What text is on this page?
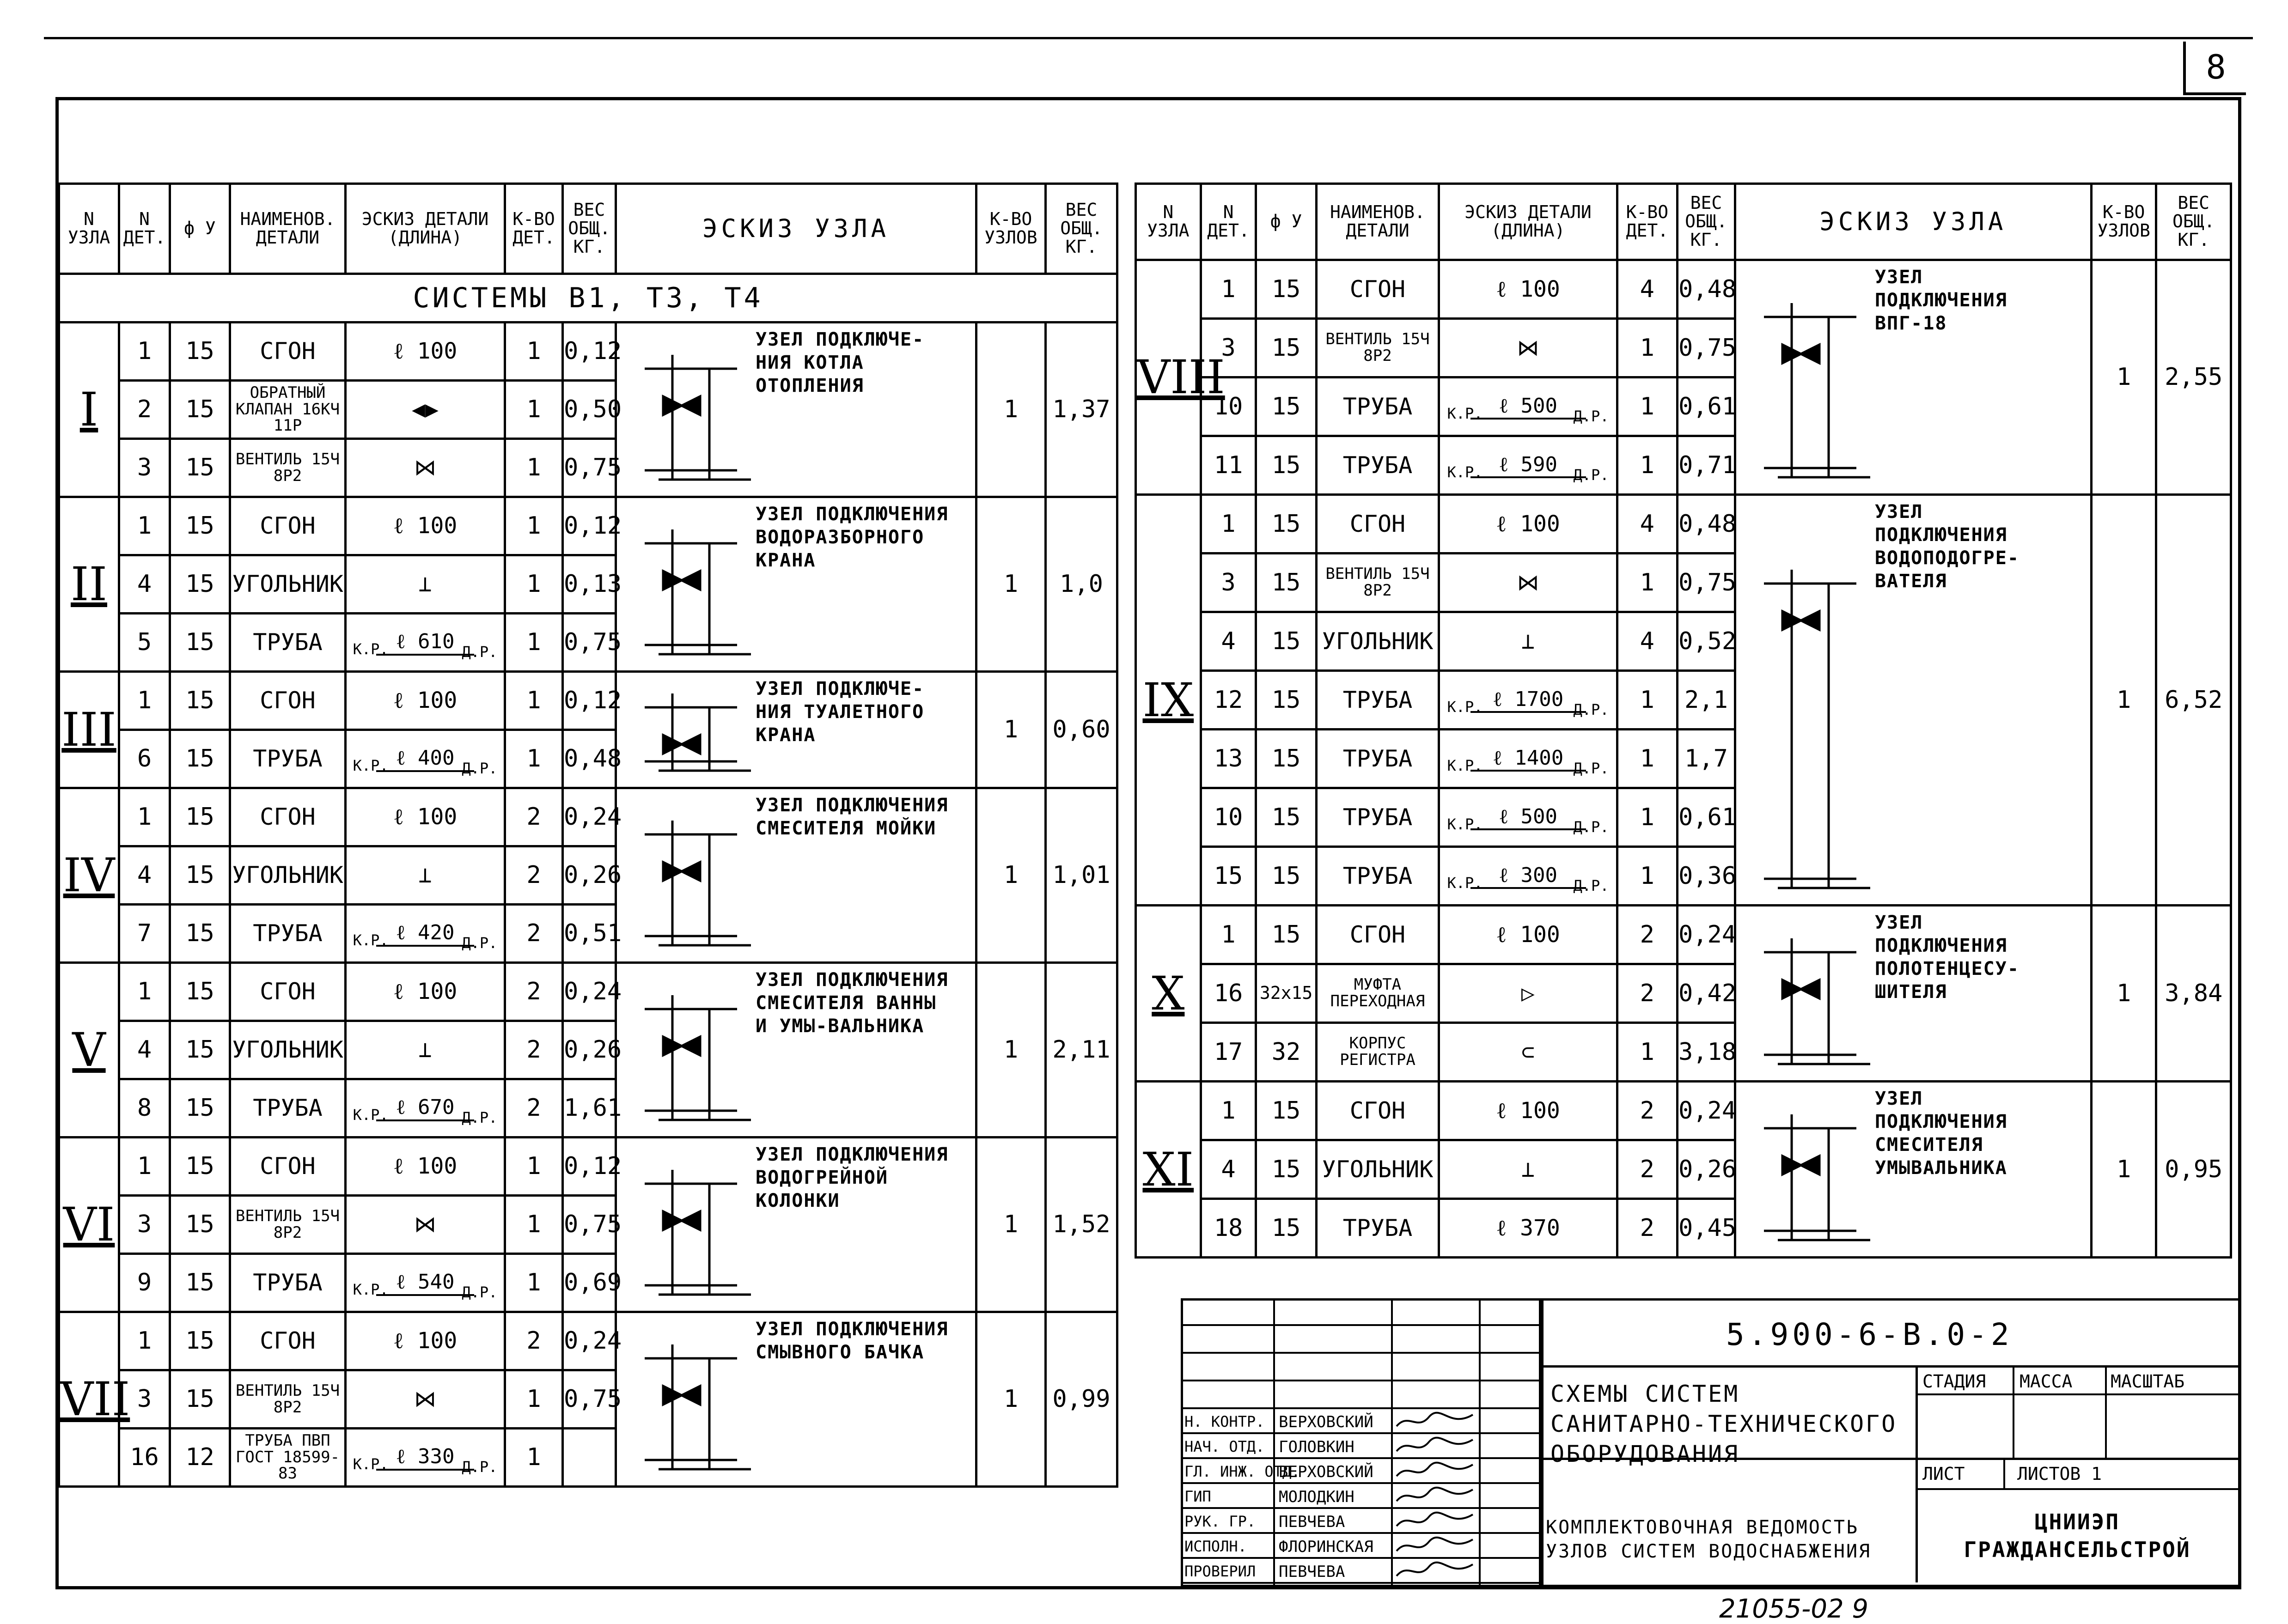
8
N УЗЛА	N ДЕТ.	ф У	НАИМЕНОВ. ДЕТАЛИ	ЭСКИЗ ДЕТАЛИ (ДЛИНА)	К-ВО ДЕТ.	ВЕС ОБЩ. КГ.	ЭСКИЗ УЗЛА	К-ВО УЗЛОВ	ВЕС ОБЩ. КГ.
СИСТЕМЫ В1, Т3, Т4									
I	1	15	СГОН	ℓ 100	1	0,12	УЗЕЛ ПОДКЛЮЧЕ-НИЯ КОТЛА ОТОПЛЕНИЯ	1	1,37
	2	15	ОБРАТНЫЙ КЛАПАН 16КЧ 11Р	◀▶	1	0,50			
	3	15	ВЕНТИЛЬ 15Ч 8Р2	⋈	1	0,75			
II	1	15	СГОН	ℓ 100	1	0,12	УЗЕЛ ПОДКЛЮЧЕНИЯ ВОДОРАЗБОРНОГО КРАНА	1	1,0
	4	15	УГОЛЬНИК	⊥	1	0,13			
	5	15	ТРУБА	К.Р. ℓ 610 Д.Р.	1	0,75			
III	1	15	СГОН	ℓ 100	1	0,12	УЗЕЛ ПОДКЛЮЧЕ-НИЯ ТУАЛЕТНОГО КРАНА	1	0,60
	6	15	ТРУБА	К.Р. ℓ 400 Д.Р.	1	0,48			
IV	1	15	СГОН	ℓ 100	2	0,24	УЗЕЛ ПОДКЛЮЧЕНИЯ СМЕСИТЕЛЯ МОЙКИ	1	1,01
	4	15	УГОЛЬНИК	⊥	2	0,26			
	7	15	ТРУБА	К.Р. ℓ 420 Д.Р.	2	0,51			
V	1	15	СГОН	ℓ 100	2	0,24	УЗЕЛ ПОДКЛЮЧЕНИЯ СМЕСИТЕЛЯ ВАННЫ И УМЫ-ВАЛЬНИКА	1	2,11
	4	15	УГОЛЬНИК	⊥	2	0,26			
	8	15	ТРУБА	К.Р. ℓ 670 Д.Р.	2	1,61			
VI	1	15	СГОН	ℓ 100	1	0,12	УЗЕЛ ПОДКЛЮЧЕНИЯ ВОДОГРЕЙНОЙ КОЛОНКИ	1	1,52
	3	15	ВЕНТИЛЬ 15Ч 8Р2	⋈	1	0,75			
	9	15	ТРУБА	К.Р. ℓ 540 Д.Р.	1	0,69			
VII	1	15	СГОН	ℓ 100	2	0,24	УЗЕЛ ПОДКЛЮЧЕНИЯ СМЫВНОГО БАЧКА	1	0,99
	3	15	ВЕНТИЛЬ 15Ч 8Р2	⋈	1	0,75			
	16	12	ТРУБА ПВП ГОСТ 18599-83	К.Р. ℓ 330 Д.Р.	1				
N УЗЛА	N ДЕТ.	ф У	НАИМЕНОВ. ДЕТАЛИ	ЭСКИЗ ДЕТАЛИ (ДЛИНА)	К-ВО ДЕТ.	ВЕС ОБЩ. КГ.	ЭСКИЗ УЗЛА	К-ВО УЗЛОВ	ВЕС ОБЩ. КГ.
VIII	1	15	СГОН	ℓ 100	4	0,48	УЗЕЛ ПОДКЛЮЧЕНИЯ ВПГ-18	1	2,55
	3	15	ВЕНТИЛЬ 15Ч 8Р2	⋈	1	0,75			
	10	15	ТРУБА	К.Р. ℓ 500 Д.Р.	1	0,61			
	11	15	ТРУБА	К.Р. ℓ 590 Д.Р.	1	0,71			
IX	1	15	СГОН	ℓ 100	4	0,48	УЗЕЛ ПОДКЛЮЧЕНИЯ ВОДОПОДОГРЕ-ВАТЕЛЯ	1	6,52
	3	15	ВЕНТИЛЬ 15Ч 8Р2	⋈	1	0,75			
	4	15	УГОЛЬНИК	⊥	4	0,52			
	12	15	ТРУБА	К.Р. ℓ 1700 Д.Р.	1	2,1			
	13	15	ТРУБА	К.Р. ℓ 1400 Д.Р.	1	1,7			
	10	15	ТРУБА	К.Р. ℓ 500 Д.Р.	1	0,61			
	15	15	ТРУБА	К.Р. ℓ 300 Д.Р.	1	0,36			
X	1	15	СГОН	ℓ 100	2	0,24	УЗЕЛ ПОДКЛЮЧЕНИЯ ПОЛОТЕНЦЕСУ-ШИТЕЛЯ	1	3,84
	16	32x15	МУФТА ПЕРЕХОДНАЯ	▷	2	0,42			
	17	32	КОРПУС РЕГИСТРА	⊂	1	3,18			
XI	1	15	СГОН	ℓ 100	2	0,24	УЗЕЛ ПОДКЛЮЧЕНИЯ СМЕСИТЕЛЯ УМЫВАЛЬНИКА	1	0,95
	4	15	УГОЛЬНИК	⊥	2	0,26			
	18	15	ТРУБА	ℓ 370	2	0,45			
Н. КОНТР. ВЕРХОВСКИЙ
НАЧ. ОТД. ГОЛОВКИН
ГЛ. ИНЖ. ОТД.
ВЕРХОВСКИЙ
ГИП	МОЛОДКИН
РУК. ГР. ПЕВЧЕВА
ИСПОЛН. ФЛОРИНСКАЯ
ПРОВЕРИЛ ПЕВЧЕВА
5.900-6-В.0-2
СХЕМЫ СИСТЕМ САНИТАРНО-ТЕХНИЧЕСКОГО ОБОРУДОВАНИЯ
СТАДИЯ МАССА МАСШТАБ
ЛИСТ	ЛИСТОВ 1
КОМПЛЕКТОВОЧНАЯ ВЕДОМОСТЬ УЗЛОВ СИСТЕМ ВОДОСНАБЖЕНИЯ
ЦНИИЭП ГРАЖДАНСЕЛЬСТРОЙ
21055-02 9
